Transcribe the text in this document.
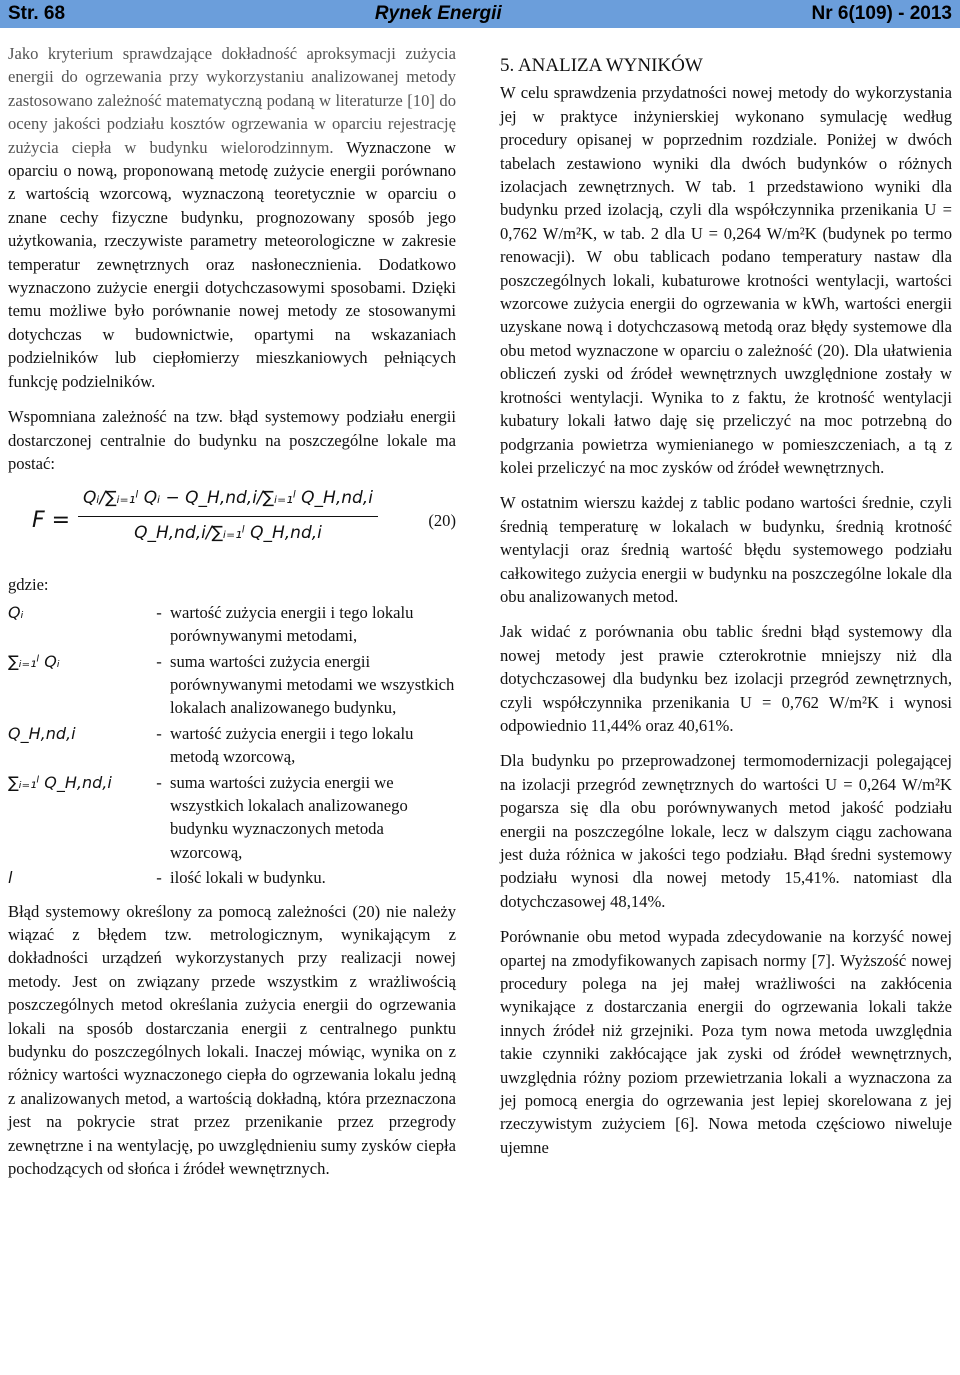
Str. 68	Rynek Energii	Nr 6(109) - 2013

Jako kryterium sprawdzające dokładność aproksymacji zużycia energii do ogrzewania przy wykorzystaniu analizowanej metody zastosowano zależność matematyczną podaną w literaturze [10] do oceny jakości podziału kosztów ogrzewania w oparciu rejestrację zużycia ciepła w budynku wielorodzinnym. Wyznaczone w oparciu o nową, proponowaną metodę zużycie energii porównano z wartością wzorcową, wyznaczoną teoretycznie w oparciu o znane cechy fizyczne budynku, prognozowany sposób jego użytkowania, rzeczywiste parametry meteorologiczne w zakresie temperatur zewnętrznych oraz nasłonecznienia. Dodatkowo wyznaczono zużycie energii dotychczasowymi sposobami. Dzięki temu możliwe było porównanie nowej metody ze stosowanymi dotychczas w budownictwie, opartymi na wskazaniach podzielników lub ciepłomierzy mieszkaniowych pełniących funkcję podzielników.

Wspomniana zależność na tzw. błąd systemowy podziału energii dostarczonej centralnie do budynku na poszczególne lokale ma postać:

F =
Qᵢ/∑ᵢ₌₁ˡ Qᵢ − Q_H,nd,i/∑ᵢ₌₁ˡ Q_H,nd,i
Q_H,nd,i/∑ᵢ₌₁ˡ Q_H,nd,i
(20)
gdzie:
Qᵢ	- wartość zużycia energii i tego lokalu porównywanymi metodami,
∑ᵢ₌₁ˡ Qᵢ	- suma wartości zużycia energii porównywanymi metodami we wszystkich lokalach analizowanego budynku,
Q_H,nd,i	- wartość zużycia energii i tego lokalu metodą wzorcową,
∑ᵢ₌₁ˡ Q_H,nd,i	- suma wartości zużycia energii we wszystkich lokalach analizowanego budynku wyznaczonych metoda wzorcową,
l	- ilość lokali w budynku.

Błąd systemowy określony za pomocą zależności (20) nie należy wiązać z błędem tzw. metrologicznym, wynikającym z dokładności urządzeń wykorzystanych przy realizacji nowej metody. Jest on związany przede wszystkim z wrażliwością poszczególnych metod określania zużycia energii do ogrzewania lokali na sposób dostarczania energii z centralnego punktu budynku do poszczególnych lokali. Inaczej mówiąc, wynika on z różnicy wartości wyznaczonego ciepła do ogrzewania lokalu jedną z analizowanych metod, a wartością dokładną, która przeznaczona jest na pokrycie strat przez przenikanie przez przegrody zewnętrzne i na wentylację, po uwzględnieniu sumy zysków ciepła pochodzących od słońca i źródeł wewnętrznych.

5. ANALIZA WYNIKÓW

W celu sprawdzenia przydatności nowej metody do wykorzystania jej w praktyce inżynierskiej wykonano symulację według procedury opisanej w poprzednim rozdziale. Poniżej w dwóch tabelach zestawiono wyniki dla dwóch budynków o różnych izolacjach zewnętrznych. W tab. 1 przedstawiono wyniki dla budynku przed izolacją, czyli dla współczynnika przenikania U = 0,762 W/m²K, w tab. 2 dla U = 0,264 W/m²K (budynek po termo renowacji). W obu tablicach podano temperatury nastaw dla poszczególnych lokali, kubaturowe krotności wentylacji, wartości wzorcowe zużycia energii do ogrzewania w kWh, wartości energii uzyskane nową i dotychczasową metodą oraz błędy systemowe dla obu metod wyznaczone w oparciu o zależność (20). Dla ułatwienia obliczeń zyski od źródeł wewnętrznych uwzględnione zostały w krotności wentylacji. Wynika to z faktu, że krotność wentylacji kubatury lokali łatwo daję się przeliczyć na moc potrzebną do podgrzania powietrza wymienianego w pomieszczeniach, a tą z kolei przeliczyć na moc zysków od źródeł wewnętrznych.

W ostatnim wierszu każdej z tablic podano wartości średnie, czyli średnią temperaturę w lokalach w budynku, średnią krotność wentylacji oraz średnią wartość błędu systemowego podziału całkowitego zużycia energii w budynku na poszczególne lokale dla obu analizowanych metod.

Jak widać z porównania obu tablic średni błąd systemowy dla nowej metody jest prawie czterokrotnie mniejszy niż dla dotychczasowej dla budynku bez izolacji przegród zewnętrznych, czyli współczynnika przenikania U = 0,762 W/m²K i wynosi odpowiednio 11,44% oraz 40,61%.

Dla budynku po przeprowadzonej termomodernizacji polegającej na izolacji przegród zewnętrznych do wartości U = 0,264 W/m²K pogarsza się dla obu porównywanych metod jakość podziału energii na poszczególne lokale, lecz w dalszym ciągu zachowana jest duża różnica w jakości tego podziału. Błąd średni systemowy podziału wynosi dla nowej metody 15,41%. natomiast dla dotychczasowej 48,14%.

Porównanie obu metod wypada zdecydowanie na korzyść nowej opartej na zmodyfikowanych zapisach normy [7]. Wyższość nowej procedury polega na jej małej wrażliwości na zakłócenia wynikające z dostarczania energii do ogrzewania lokali także innych źródeł niż grzejniki. Poza tym nowa metoda uwzględnia takie czynniki zakłócające jak zyski od źródeł wewnętrznych, uwzględnia różny poziom przewietrzania lokali a wyznaczona za jej pomocą energia do ogrzewania jest lepiej skorelowana z jej rzeczywistym zużyciem [6]. Nowa metoda częściowo niweluje ujemne
